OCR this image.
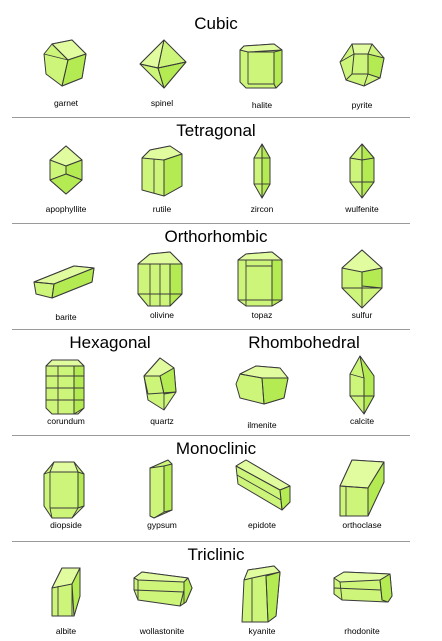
Cubic
Tetragonal
Orthorhombic
Hexagonal	Rhombohedral
Monoclinic
Triclinic
garnet	spinel	halite	pyrite
apophyllite	rutile	zircon	wulfenite
barite	olivine	topaz	sulfur
corundum	quartz	ilmenite	calcite
diopside	gypsum	epidote	orthoclase
albite	wollastonite	kyanite	rhodonite
